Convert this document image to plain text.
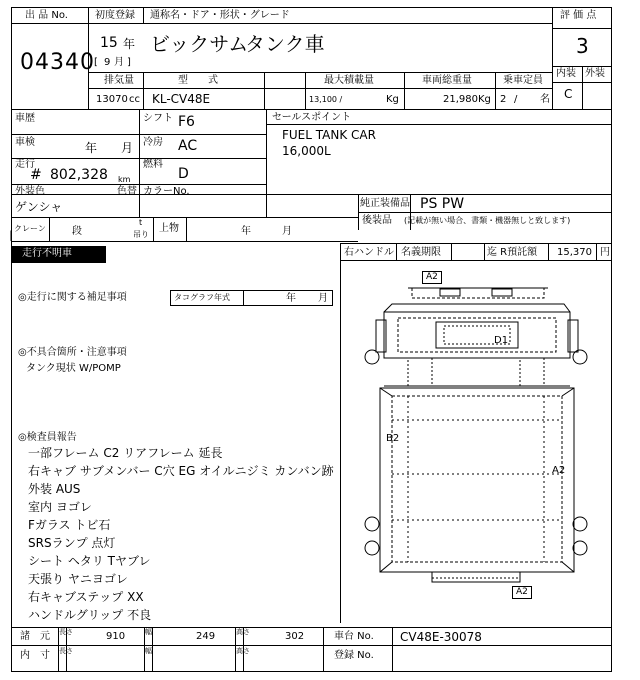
出 品 No.
04340
初度登録 通称名・ドア・形状・グレード
15 年
[ 9 月 ]
ビックサム
タンク車
評 価 点
3
内装 外装
C
排気量
13070 cc
型　　式
KL-CV48E
最大積載量
13,100 /	Kg
車両総重量
21,980 Kg
乗車定員
2 / 名
車歴	シフト F6
車検	年 月 冷房 AC
走行
# 802,328 km
燃料
D
外装色
ゲンシャ
色替 カラーNo.
セールスポイント
FUEL TANK CAR
16,000L
純正装備品 PS PW
後装品 (記載が無い場合、書類・機器無しと致します)
クレーン	段
t
吊り
上物	年	月
右ハンドル 名義期限	迄 R預託額 15,370 円
走行不明車
◎走行に関する補足事項	タコグラフ年式	年 月
◎不具合箇所・注意事項
タンク現状 W/POMP
◎検査員報告
一部フレーム C2 リアフレーム 延長
右キャブ サブメンバー C穴 EG オイルニジミ カンバン跡
外装 AUS
室内 ヨゴレ
Fガラス トビ石
SRSランプ 点灯
シート ヘタリ Tヤブレ
天張り ヤニヨゴレ
右キャブステップ XX
ハンドルグリップ 不良
A2
D1
B2
A2
A2
諸　元 長さ	910	幅	249	高さ	302
内　寸 長さ	幅	高さ
車台 No. CV48E-30078
登録 No.
